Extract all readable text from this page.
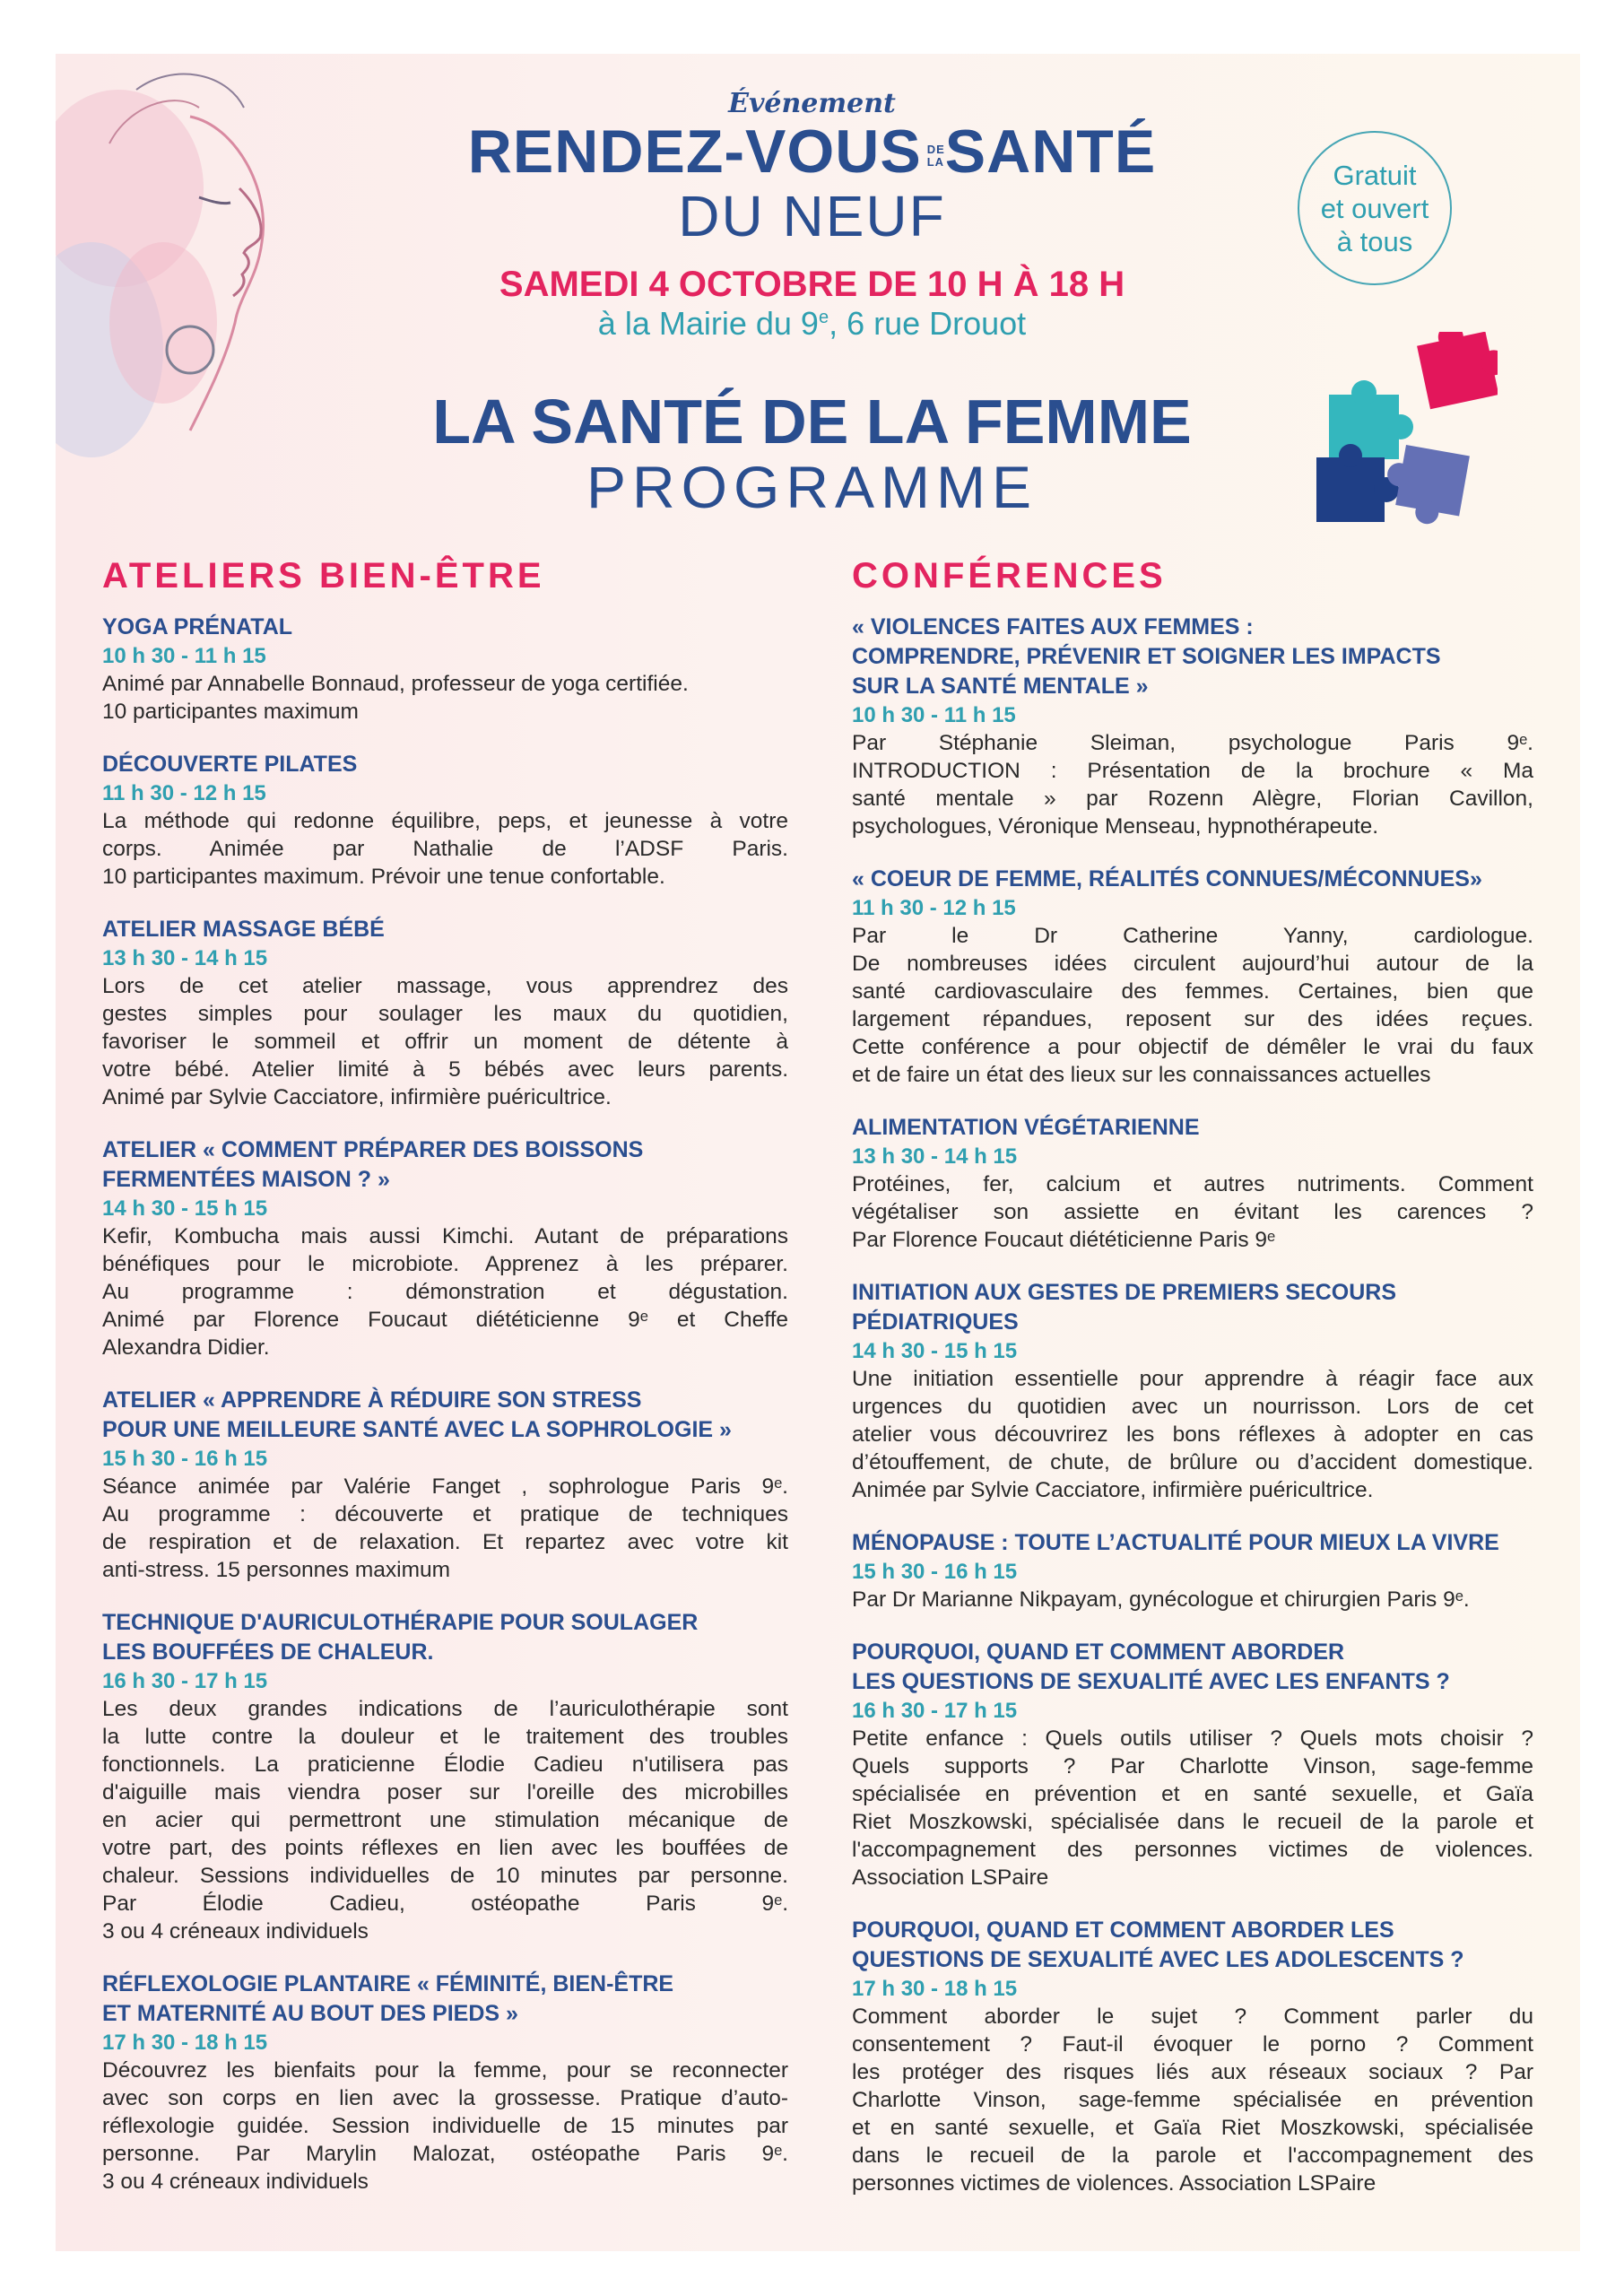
Événement
RENDEZ-VOUS DE
LASANTÉ
DU NEUF
SAMEDI 4 OCTOBRE DE 10 H À 18 H
à la Mairie du 9e, 6 rue Drouot
Gratuit
et ouvert
à tous
LA SANTÉ DE LA FEMME
PROGRAMME
ATELIERS BIEN-ÊTRE
YOGA PRÉNATAL
10 h 30 - 11 h 15
Animé par Annabelle Bonnaud, professeur de yoga certifiée.
10 participantes maximum
DÉCOUVERTE PILATES
11 h 30 - 12 h 15
La méthode qui redonne équilibre, peps, et jeunesse à votre
corps. Animée par Nathalie de l’ADSF Paris.
10 participantes maximum. Prévoir une tenue confortable.
ATELIER MASSAGE BÉBÉ
13 h 30 - 14 h 15
Lors de cet atelier massage, vous apprendrez des
gestes simples pour soulager les maux du quotidien,
favoriser le sommeil et offrir un moment de détente à
votre bébé. Atelier limité à 5 bébés avec leurs parents.
Animé par Sylvie Cacciatore, infirmière puéricultrice.
ATELIER « COMMENT PRÉPARER DES BOISSONS
FERMENTÉES MAISON ? »
14 h 30 - 15 h 15
Kefir, Kombucha mais aussi Kimchi. Autant de préparations
bénéfiques pour le microbiote. Apprenez à les préparer.
Au programme : démonstration et dégustation.
Animé par Florence Foucaut diététicienne 9ᵉ et Cheffe
Alexandra Didier.
ATELIER « APPRENDRE À RÉDUIRE SON STRESS
POUR UNE MEILLEURE SANTÉ AVEC LA SOPHROLOGIE »
15 h 30 - 16 h 15
Séance animée par Valérie Fanget , sophrologue Paris 9ᵉ.
Au programme : découverte et pratique de techniques
de respiration et de relaxation. Et repartez avec votre kit
anti-stress. 15 personnes maximum
TECHNIQUE D'AURICULOTHÉRAPIE POUR SOULAGER
LES BOUFFÉES DE CHALEUR.
16 h 30 - 17 h 15
Les deux grandes indications de l’auriculothérapie sont
la lutte contre la douleur et le traitement des troubles
fonctionnels. La praticienne Élodie Cadieu n'utilisera pas
d'aiguille mais viendra poser sur l'oreille des microbilles
en acier qui permettront une stimulation mécanique de
votre part, des points réflexes en lien avec les bouffées de
chaleur. Sessions individuelles de 10 minutes par personne.
Par Élodie Cadieu, ostéopathe Paris 9ᵉ.
3 ou 4 créneaux individuels
RÉFLEXOLOGIE PLANTAIRE « FÉMINITÉ, BIEN-ÊTRE
ET MATERNITÉ AU BOUT DES PIEDS »
17 h 30 - 18 h 15
Découvrez les bienfaits pour la femme, pour se reconnecter
avec son corps en lien avec la grossesse. Pratique d’auto-
réflexologie guidée. Session individuelle de 15 minutes par
personne. Par Marylin Malozat, ostéopathe Paris 9ᵉ.
3 ou 4 créneaux individuels
CONFÉRENCES
« VIOLENCES FAITES AUX FEMMES :
COMPRENDRE, PRÉVENIR ET SOIGNER LES IMPACTS
SUR LA SANTÉ MENTALE »
10 h 30 - 11 h 15
Par Stéphanie Sleiman, psychologue Paris 9ᵉ.
INTRODUCTION : Présentation de la brochure « Ma
santé mentale » par Rozenn Alègre, Florian Cavillon,
psychologues, Véronique Menseau, hypnothérapeute.
« COEUR DE FEMME, RÉALITÉS CONNUES/MÉCONNUES»
11 h 30 - 12 h 15
Par le Dr Catherine Yanny, cardiologue.
De nombreuses idées circulent aujourd’hui autour de la
santé cardiovasculaire des femmes. Certaines, bien que
largement répandues, reposent sur des idées reçues.
Cette conférence a pour objectif de démêler le vrai du faux
et de faire un état des lieux sur les connaissances actuelles
ALIMENTATION VÉGÉTARIENNE
13 h 30 - 14 h 15
Protéines, fer, calcium et autres nutriments. Comment
végétaliser son assiette en évitant les carences ?
Par Florence Foucaut diététicienne Paris 9ᵉ
INITIATION AUX GESTES DE PREMIERS SECOURS
PÉDIATRIQUES
14 h 30 - 15 h 15
Une initiation essentielle pour apprendre à réagir face aux
urgences du quotidien avec un nourrisson. Lors de cet
atelier vous découvrirez les bons réflexes à adopter en cas
d’étouffement, de chute, de brûlure ou d’accident domestique.
Animée par Sylvie Cacciatore, infirmière puéricultrice.
MÉNOPAUSE : TOUTE L’ACTUALITÉ POUR MIEUX LA VIVRE
15 h 30 - 16 h 15
Par Dr Marianne Nikpayam, gynécologue et chirurgien Paris 9ᵉ.
POURQUOI, QUAND ET COMMENT ABORDER
LES QUESTIONS DE SEXUALITÉ AVEC LES ENFANTS ?
16 h 30 - 17 h 15
Petite enfance : Quels outils utiliser ? Quels mots choisir ?
Quels supports ? Par Charlotte Vinson, sage-femme
spécialisée en prévention et en santé sexuelle, et Gaïa
Riet Moszkowski, spécialisée dans le recueil de la parole et
l'accompagnement des personnes victimes de violences.
Association LSPaire
POURQUOI, QUAND ET COMMENT ABORDER LES
QUESTIONS DE SEXUALITÉ AVEC LES ADOLESCENTS ?
17 h 30 - 18 h 15
Comment aborder le sujet ? Comment parler du
consentement ? Faut-il évoquer le porno ? Comment
les protéger des risques liés aux réseaux sociaux ? Par
Charlotte Vinson, sage-femme spécialisée en prévention
et en santé sexuelle, et Gaïa Riet Moszkowski, spécialisée
dans le recueil de la parole et l'accompagnement des
personnes victimes de violences. Association LSPaire
